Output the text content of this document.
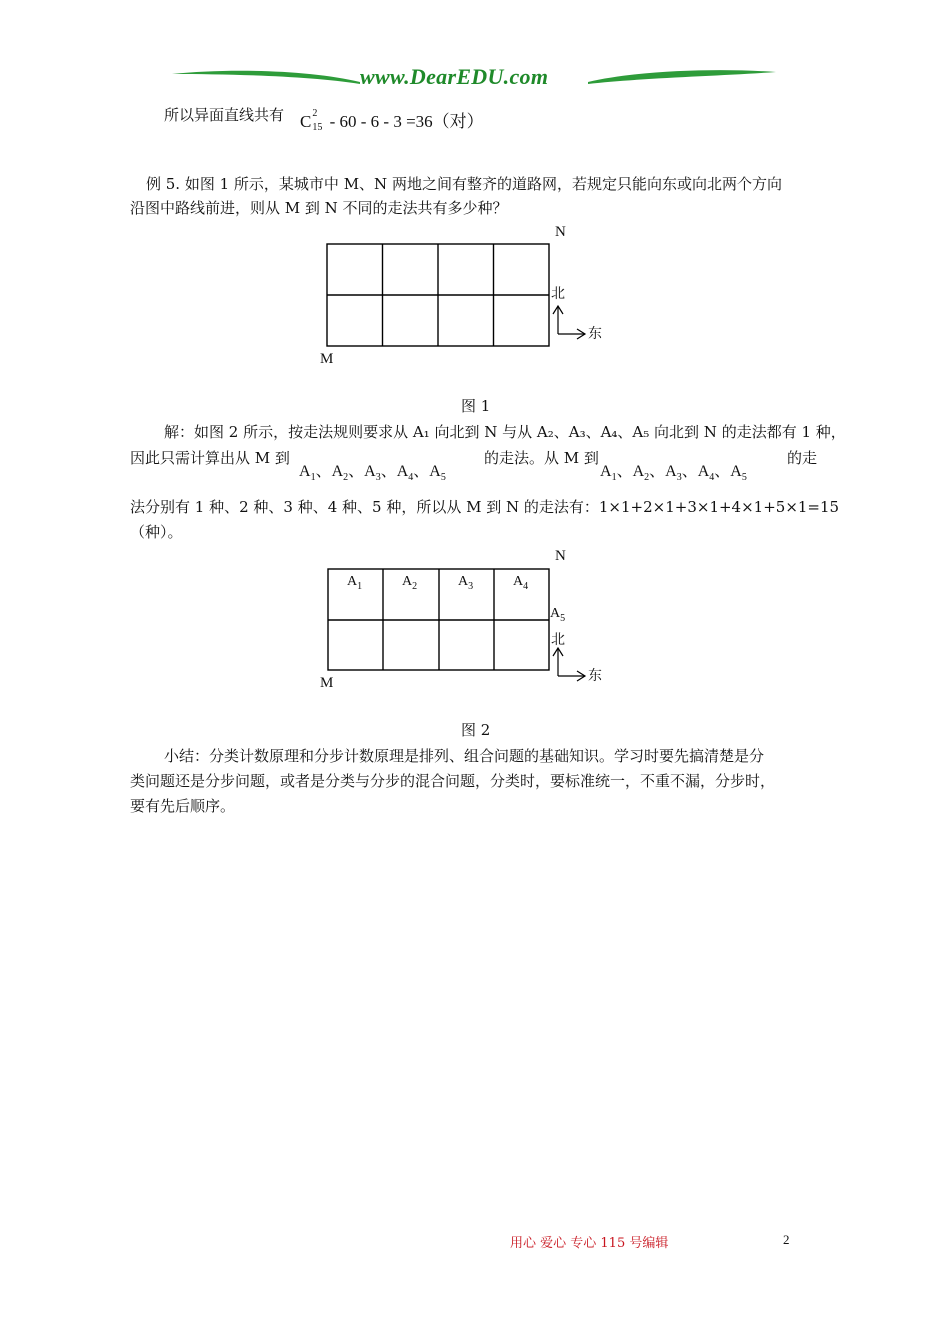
www.DearEDU.com
所以异面直线共有 C 2
15 - 60 - 6 - 3 =36（对）
例 5. 如图 1 所示，某城市中 M、N 两地之间有整齐的道路网，若规定只能向东或向北两个方向
沿图中路线前进，则从 M 到 N 不同的走法共有多少种？
N
M
北
东
图 1
解：如图 2 所示，按走法规则要求从 A₁ 向北到 N 与从 A₂、A₃、A₄、A₅ 向北到 N 的走法都有 1 种，
因此只需计算出从 M 到
$A_1$、$A_2$、$A_3$、$A_4$、$A_5$
的走法。从 M 到
$A_1$、$A_2$、$A_3$、$A_4$、$A_5$
的走
法分别有 1 种、2 种、3 种、4 种、5 种，所以从 M 到 N 的走法有：1×1+2×1+3×1+4×1+5×1=15
（种）。
N
M
$A_1$	$A_2$	$A_3$	$A_4$
$A_5$
北
东
图 2
小结：分类计数原理和分步计数原理是排列、组合问题的基础知识。学习时要先搞清楚是分
类问题还是分步问题，或者是分类与分步的混合问题，分类时，要标准统一，不重不漏，分步时，
要有先后顺序。
用心 爱心 专心 115 号编辑	2
